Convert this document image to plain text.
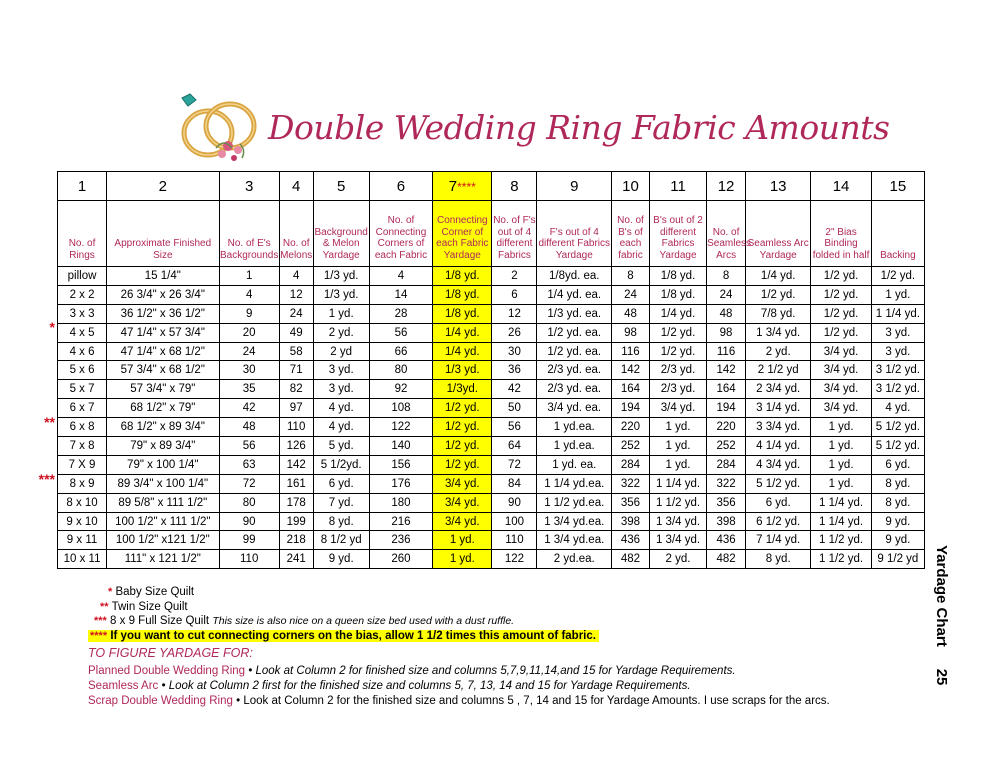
Double Wedding Ring Fabric Amounts
1	2	3	4	5	6	7****	8	9	10	11	12	13	14	15
No. of Rings	Approximate Finished Size	No. of E's Backgrounds	No. of Melons	Background & Melon Yardage	No. of Connecting Corners of each Fabric	Connecting Corner of each Fabric Yardage	No. of F's out of 4 different Fabrics	F's out of 4 different Fabrics Yardage	No. of B's of each fabric	B's out of 2 different Fabrics Yardage	No. of Seamless Arcs	Seamless Arc Yardage	2" Bias Binding folded in half	Backing
pillow	15 1/4"	1	4	1/3 yd.	4	1/8 yd.	2	1/8yd. ea.	8	1/8 yd.	8	1/4 yd.	1/2 yd.	1/2 yd.
2 x 2	26 3/4" x 26 3/4"	4	12	1/3 yd.	14	1/8 yd.	6	1/4 yd. ea.	24	1/8 yd.	24	1/2 yd.	1/2 yd.	1 yd.
3 x 3	36 1/2" x 36 1/2"	9	24	1 yd.	28	1/8 yd.	12	1/3 yd. ea.	48	1/4 yd.	48	7/8 yd.	1/2 yd.	1 1/4 yd.
4 x 5	47 1/4" x 57 3/4"	20	49	2 yd.	56	1/4 yd.	26	1/2 yd. ea.	98	1/2 yd.	98	1 3/4 yd.	1/2 yd.	3 yd.
4 x 6	47 1/4" x 68 1/2"	24	58	2 yd	66	1/4 yd.	30	1/2 yd. ea.	116	1/2 yd.	116	2 yd.	3/4 yd.	3 yd.
5 x 6	57 3/4" x 68 1/2"	30	71	3 yd.	80	1/3 yd.	36	2/3 yd. ea.	142	2/3 yd.	142	2 1/2 yd	3/4 yd.	3 1/2 yd.
5 x 7	57 3/4" x 79"	35	82	3 yd.	92	1/3yd.	42	2/3 yd. ea.	164	2/3 yd.	164	2 3/4 yd.	3/4 yd.	3 1/2 yd.
6 x 7	68 1/2" x 79"	42	97	4 yd.	108	1/2 yd.	50	3/4 yd. ea.	194	3/4 yd.	194	3 1/4 yd.	3/4 yd.	4 yd.
6 x 8	68 1/2" x 89 3/4"	48	110	4 yd.	122	1/2 yd.	56	1 yd.ea.	220	1 yd.	220	3 3/4 yd.	1 yd.	5 1/2 yd.
7 x 8	79" x 89 3/4"	56	126	5 yd.	140	1/2 yd.	64	1 yd.ea.	252	1 yd.	252	4 1/4 yd.	1 yd.	5 1/2 yd.
7 X 9	79" x 100 1/4"	63	142	5 1/2yd.	156	1/2 yd.	72	1 yd. ea.	284	1 yd.	284	4 3/4 yd.	1 yd.	6 yd.
8 x 9	89 3/4" x 100 1/4"	72	161	6 yd.	176	3/4 yd.	84	1 1/4 yd.ea.	322	1 1/4 yd.	322	5 1/2 yd.	1 yd.	8 yd.
8 x 10	89 5/8" x 111 1/2"	80	178	7 yd.	180	3/4 yd.	90	1 1/2 yd.ea.	356	1 1/2 yd.	356	6 yd.	1 1/4 yd.	8 yd.
9 x 10	100 1/2" x 111 1/2"	90	199	8 yd.	216	3/4 yd.	100	1 3/4 yd.ea.	398	1 3/4 yd.	398	6 1/2 yd.	1 1/4 yd.	9 yd.
9 x 11	100 1/2" x121 1/2"	99	218	8 1/2 yd	236	1 yd.	110	1 3/4 yd.ea.	436	1 3/4 yd.	436	7 1/4 yd.	1 1/2 yd.	9 yd.
10 x 11	111" x 121 1/2"	110	241	9 yd.	260	1 yd.	122	2 yd.ea.	482	2 yd.	482	8 yd.	1 1/2 yd.	9 1/2 yd
*
**
***
* Baby Size Quilt
** Twin Size Quilt
*** 8 x 9 Full Size Quilt This size is also nice on a queen size bed used with a dust ruffle.
**** If you want to cut connecting corners on the bias, allow 1 1/2 times this amount of fabric.
TO FIGURE YARDAGE FOR:
Planned Double Wedding Ring • Look at Column 2 for finished size and columns 5,7,9,11,14,and 15 for Yardage Requirements.
Seamless Arc • Look at Column 2 first for the finished size and columns 5, 7, 13, 14 and 15 for Yardage Requirements.
Scrap Double Wedding Ring • Look at Column 2 for the finished size and columns 5 , 7, 14 and 15 for Yardage Amounts. I use scraps for the arcs.
Yardage Chart25
